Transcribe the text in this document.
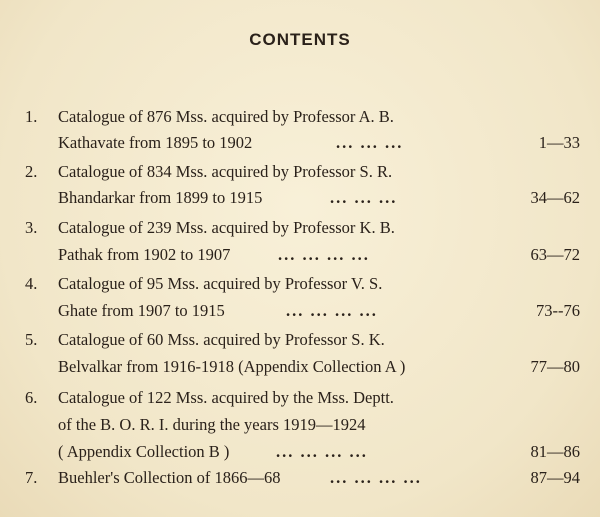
CONTENTS
1. Catalogue of 876 Mss. acquired by Professor A. B.
Kathavate from 1895 to 1902	... ... ...	1—33
2. Catalogue of 834 Mss. acquired by Professor S. R.
Bhandarkar from 1899 to 1915	... ... ...	34—62
3. Catalogue of 239 Mss. acquired by Professor K. B.
Pathak from 1902 to 1907	... ... ... ...	63—72
4. Catalogue of 95 Mss. acquired by Professor V. S.
Ghate from 1907 to 1915	... ... ... ...	73--76
5. Catalogue of 60 Mss. acquired by Professor S. K.
Belvalkar from 1916-1918 (Appendix Collection A )	77—80
6. Catalogue of 122 Mss. acquired by the Mss. Deptt.
of the B. O. R. I. during the years 1919—1924
( Appendix Collection B )	... ... ... ...	81—86
7. Buehler's Collection of 1866—68	... ... ... ...	87—94
